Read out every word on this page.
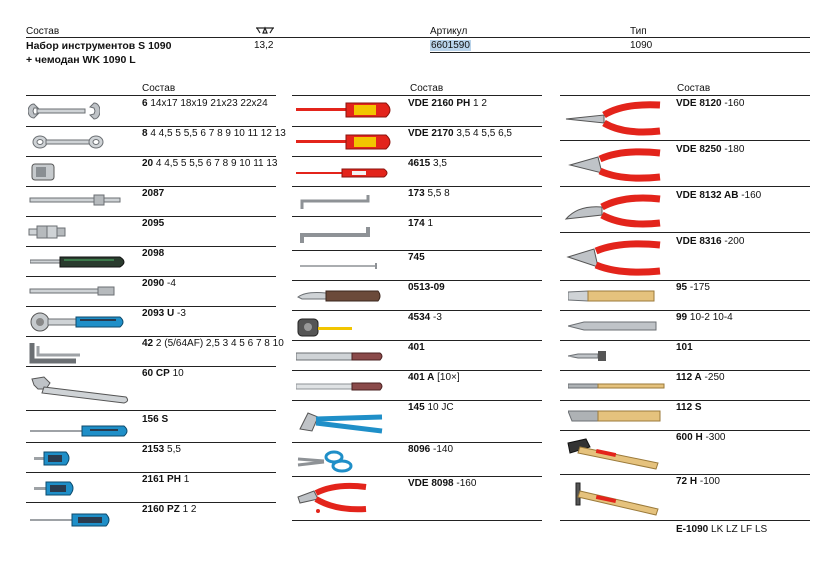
Состав	Артикул	Тип
Набор инструментов S 1090
+ чемодан WK 1090 L
13,2	6601590	1090
Состав	Состав	Состав
6 14x17 18x19 21x23 22x24
8 4 4,5 5 5,5 6 7 8 9 10 11 12 13
20 4 4,5 5 5,5 6 7 8 9 10 11 13
2087
2095
2098
2090 -4
2093 U -3
42 2 (5/64AF) 2,5 3 4 5 6 7 8 10
60 CP 10
156 S
2153 5,5
2161 PH 1
2160 PZ 1 2
VDE 2160 PH 1 2
VDE 2170 3,5 4 5,5 6,5
4615 3,5
173 5,5 8
174 1
745
0513-09
4534 -3
401
401 A [10×]
145 10 JC
8096 -140
VDE 8098 -160
VDE 8120 -160
VDE 8250 -180
VDE 8132 AB -160
VDE 8316 -200
95 -175
99 10-2 10-4
101
112 A -250
112 S
600 H -300
72 H -100
E-1090 LK LZ LF LS
